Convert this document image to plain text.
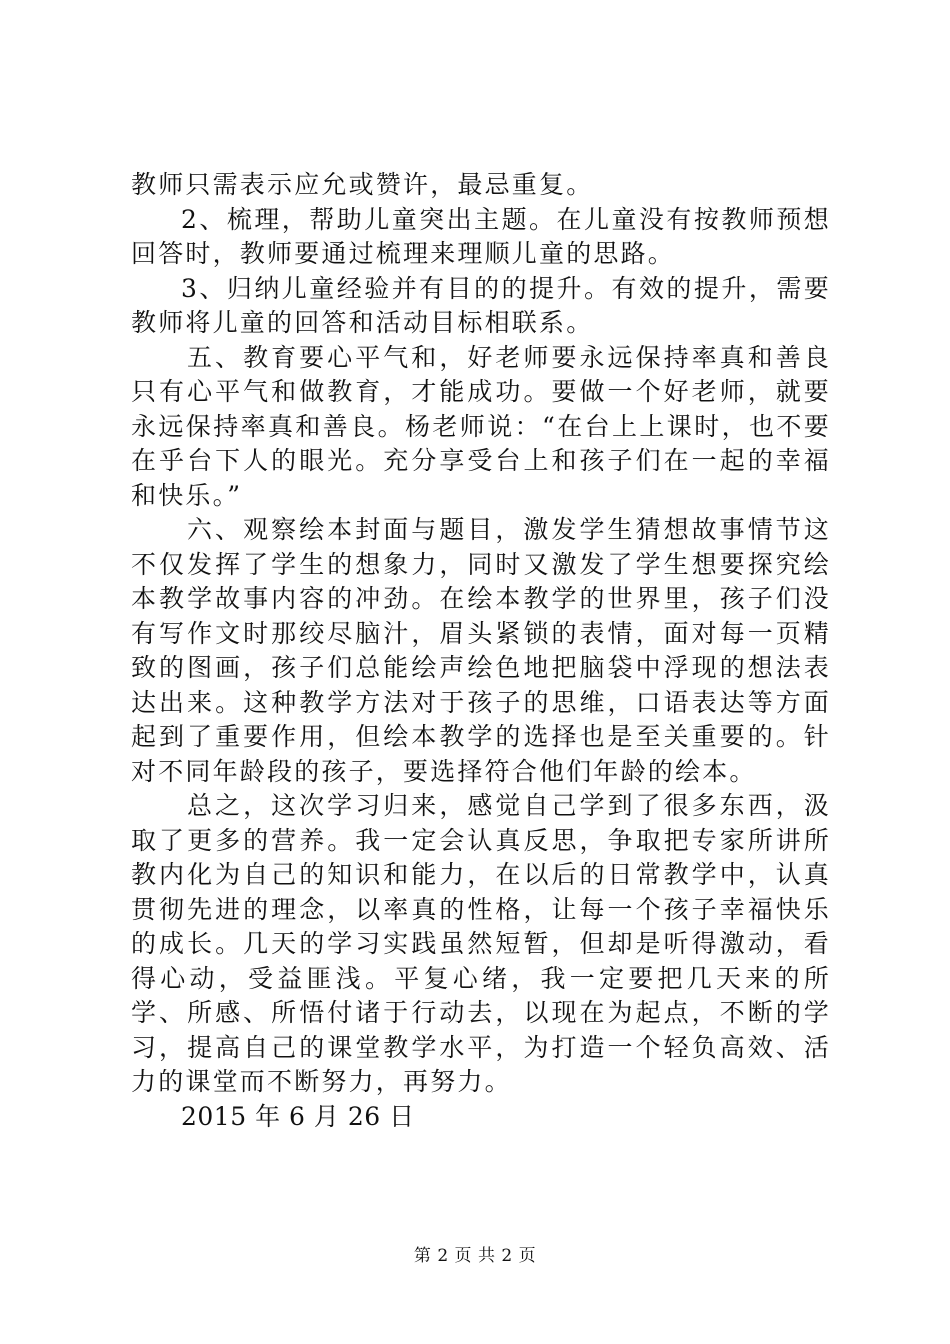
教师只需表示应允或赞许，最忌重复。

2、梳理，帮助儿童突出主题。在儿童没有按教师预想回答时，教师要通过梳理来理顺儿童的思路。

3、归纳儿童经验并有目的的提升。有效的提升，需要教师将儿童的回答和活动目标相联系。

五、教育要心平气和，好老师要永远保持率真和善良只有心平气和做教育，才能成功。要做一个好老师，就要永远保持率真和善良。杨老师说：“在台上上课时，也不要在乎台下人的眼光。充分享受台上和孩子们在一起的幸福和快乐。”

六、观察绘本封面与题目，激发学生猜想故事情节这不仅发挥了学生的想象力，同时又激发了学生想要探究绘本教学故事内容的冲劲。在绘本教学的世界里，孩子们没有写作文时那绞尽脑汁，眉头紧锁的表情，面对每一页精致的图画，孩子们总能绘声绘色地把脑袋中浮现的想法表达出来。这种教学方法对于孩子的思维，口语表达等方面起到了重要作用，但绘本教学的选择也是至关重要的。针对不同年龄段的孩子，要选择符合他们年龄的绘本。

总之，这次学习归来，感觉自己学到了很多东西，汲取了更多的营养。我一定会认真反思，争取把专家所讲所教内化为自己的知识和能力，在以后的日常教学中，认真贯彻先进的理念，以率真的性格，让每一个孩子幸福快乐的成长。几天的学习实践虽然短暂，但却是听得激动，看得心动，受益匪浅。平复心绪，我一定要把几天来的所学、所感、所悟付诸于行动去，以现在为起点，不断的学习，提高自己的课堂教学水平，为打造一个轻负高效、活力的课堂而不断努力，再努力。

2015 年 6 月 26 日

第 2 页 共 2 页
